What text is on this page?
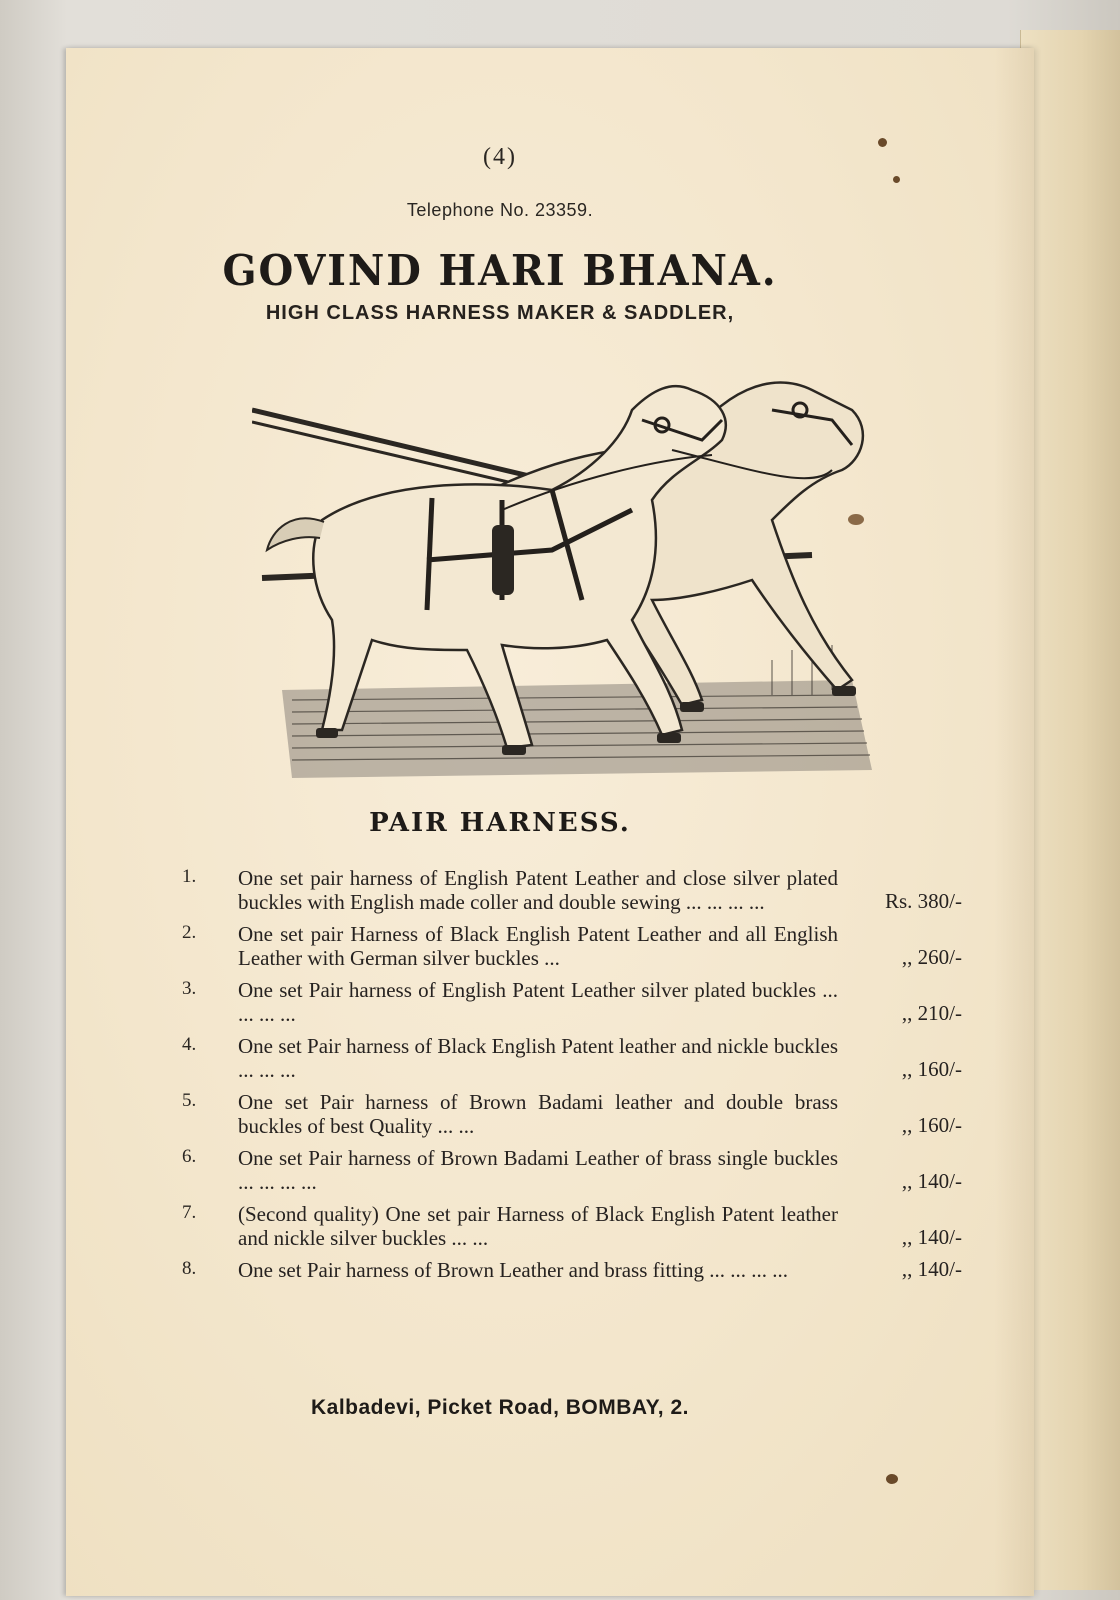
(4)
Telephone No. 23359.
GOVIND HARI BHANA.
HIGH CLASS HARNESS MAKER & SADDLER,
PAIR HARNESS.
1.	One set pair harness of English Patent Leather and close silver plated buckles with English made coller and double sewing ... ... ... ...	Rs. 380/-
2.	One set pair Harness of Black English Patent Leather and all English Leather with German silver buckles ...	,, 260/-
3.	One set Pair harness of English Patent Leather silver plated buckles ... ... ... ...	,, 210/-
4.	One set Pair harness of Black English Patent leather and nickle buckles ... ... ...	,, 160/-
5.	One set Pair harness of Brown Badami leather and double brass buckles of best Quality ... ...	,, 160/-
6.	One set Pair harness of Brown Badami Leather of brass single buckles ... ... ... ...	,, 140/-
7.	(Second quality) One set pair Harness of Black English Patent leather and nickle silver buckles ... ...	,, 140/-
8.	One set Pair harness of Brown Leather and brass fitting ... ... ... ...	,, 140/-
Kalbadevi, Picket Road, BOMBAY, 2.
